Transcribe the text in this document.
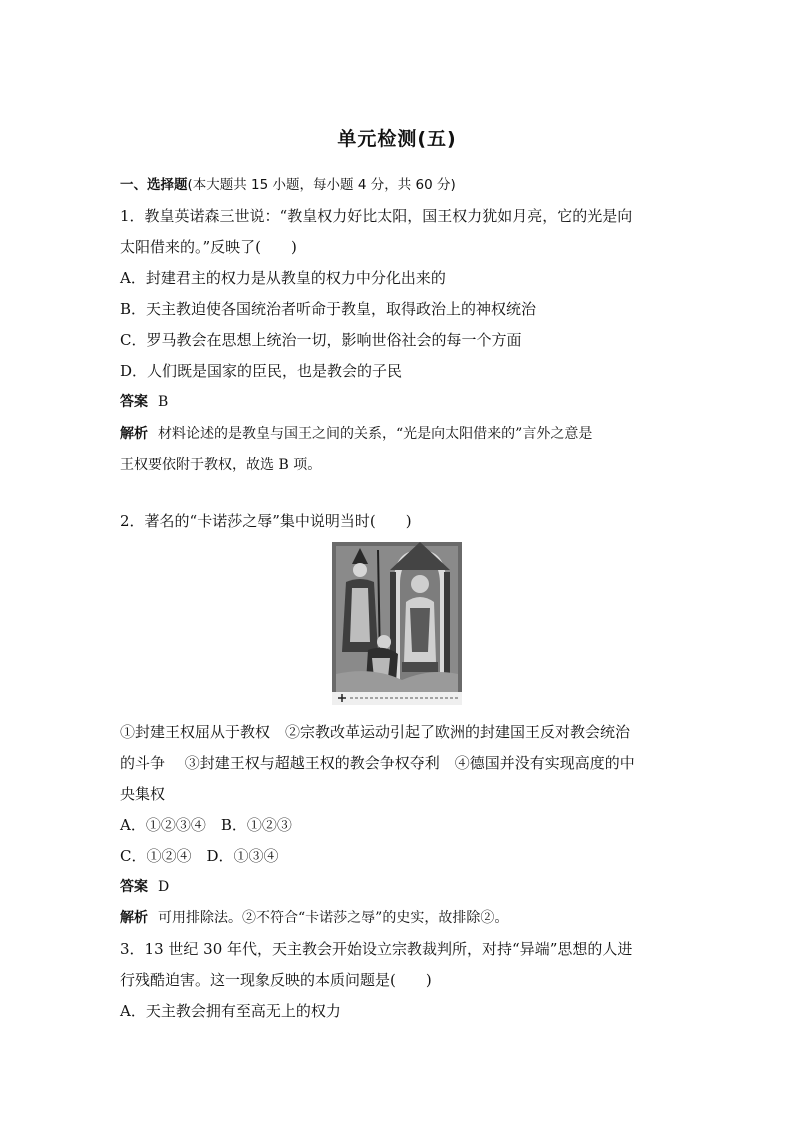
单元检测(五)
一、选择题(本大题共 15 小题，每小题 4 分，共 60 分)
1．教皇英诺森三世说：“教皇权力好比太阳，国王权力犹如月亮，它的光是向
太阳借来的。”反映了(　　)
A．封建君主的权力是从教皇的权力中分化出来的
B．天主教迫使各国统治者听命于教皇，取得政治上的神权统治
C．罗马教会在思想上统治一切，影响世俗社会的每一个方面
D．人们既是国家的臣民，也是教会的子民
答案 B
解析 材料论述的是教皇与国王之间的关系，“光是向太阳借来的”言外之意是
王权要依附于教权，故选 B 项。
2．著名的“卡诺莎之辱”集中说明当时(　　)
①封建王权屈从于教权　②宗教改革运动引起了欧洲的封建国王反对教会统治
的斗争　 ③封建王权与超越王权的教会争权夺利　④德国并没有实现高度的中
央集权
A．①②③④　B．①②③
C．①②④　D．①③④
答案 D
解析 可用排除法。②不符合“卡诺莎之辱”的史实，故排除②。
3．13 世纪 30 年代，天主教会开始设立宗教裁判所，对持“异端”思想的人进
行残酷迫害。这一现象反映的本质问题是(　　)
A．天主教会拥有至高无上的权力
